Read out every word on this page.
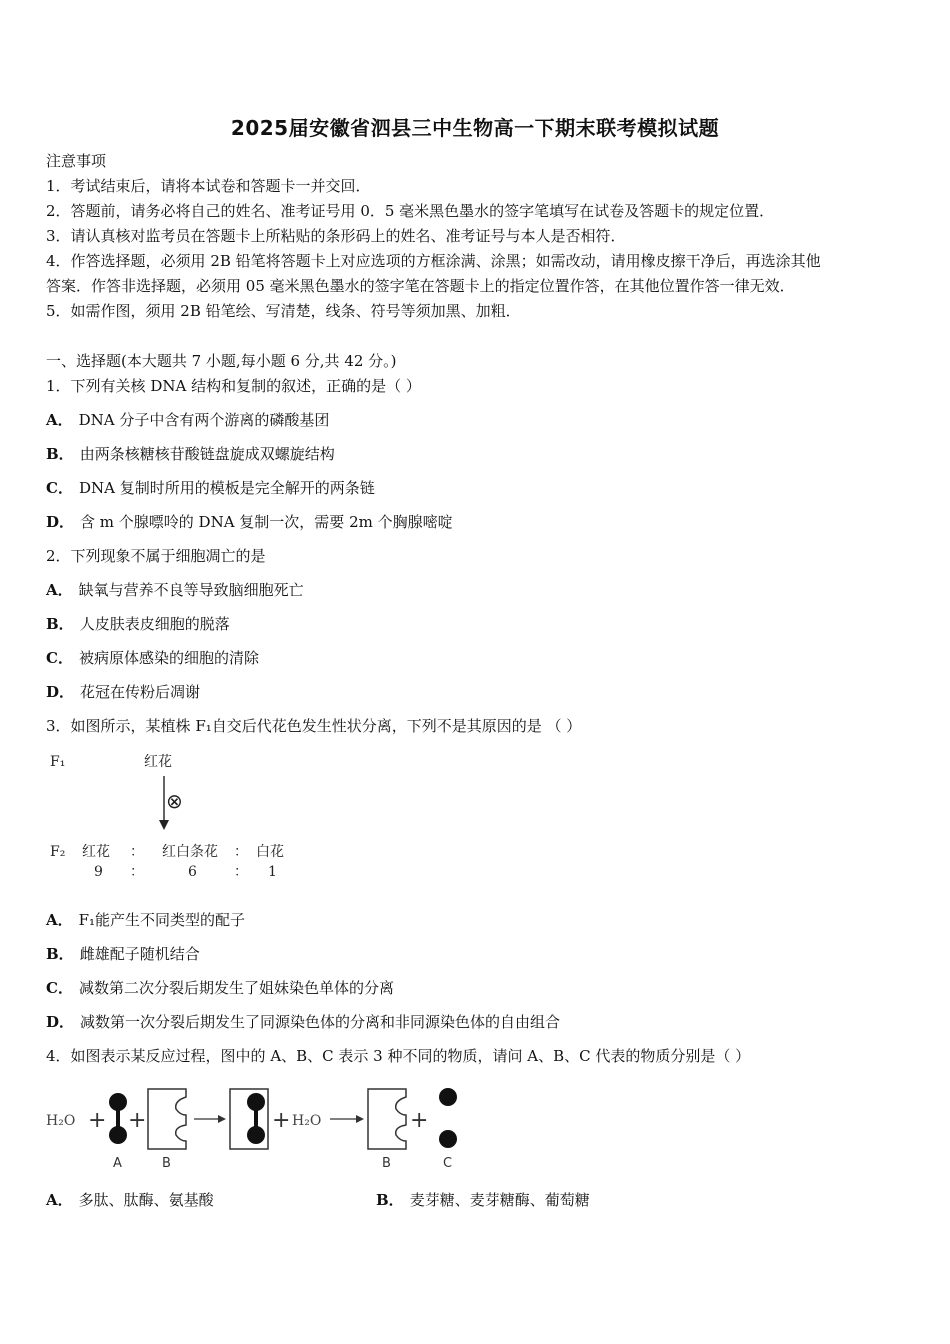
2025届安徽省泗县三中生物高一下期末联考模拟试题
注意事项
1．考试结束后，请将本试卷和答题卡一并交回．
2．答题前，请务必将自己的姓名、准考证号用 0．5 毫米黑色墨水的签字笔填写在试卷及答题卡的规定位置．
3．请认真核对监考员在答题卡上所粘贴的条形码上的姓名、准考证号与本人是否相符．
4．作答选择题，必须用 2B 铅笔将答题卡上对应选项的方框涂满、涂黑；如需改动，请用橡皮擦干净后，再选涂其他
答案．作答非选择题，必须用 05 毫米黑色墨水的签字笔在答题卡上的指定位置作答，在其他位置作答一律无效．
5．如需作图，须用 2B 铅笔绘、写清楚，线条、符号等须加黑、加粗．
一、选择题(本大题共 7 小题,每小题 6 分,共 42 分。)
1．下列有关核 DNA 结构和复制的叙述，正确的是（ ）
A． DNA 分子中含有两个游离的磷酸基团
B． 由两条核糖核苷酸链盘旋成双螺旋结构
C． DNA 复制时所用的模板是完全解开的两条链
D． 含 m 个腺嘌呤的 DNA 复制一次，需要 2m 个胸腺嘧啶
2．下列现象不属于细胞凋亡的是
A． 缺氧与营养不良等导致脑细胞死亡
B． 人皮肤表皮细胞的脱落
C． 被病原体感染的细胞的清除
D． 花冠在传粉后凋谢
3．如图所示，某植株 F₁自交后代花色发生性状分离，下列不是其原因的是 （ ）
F₁	红花
⊗
F₂ 红花 ： 红白条花 ： 白花
9 ：	6	： 1
A． F₁能产生不同类型的配子
B． 雌雄配子随机结合
C． 减数第二次分裂后期发生了姐妹染色单体的分离
D． 减数第一次分裂后期发生了同源染色体的分离和非同源染色体的自由组合
4．如图表示某反应过程，图中的 A、B、C 表示 3 种不同的物质，请问 A、B、C 代表的物质分别是（ ）
H₂O + +	+ H₂O	+
A	B	B	C
A． 多肽、肽酶、氨基酸	B． 麦芽糖、麦芽糖酶、葡萄糖
